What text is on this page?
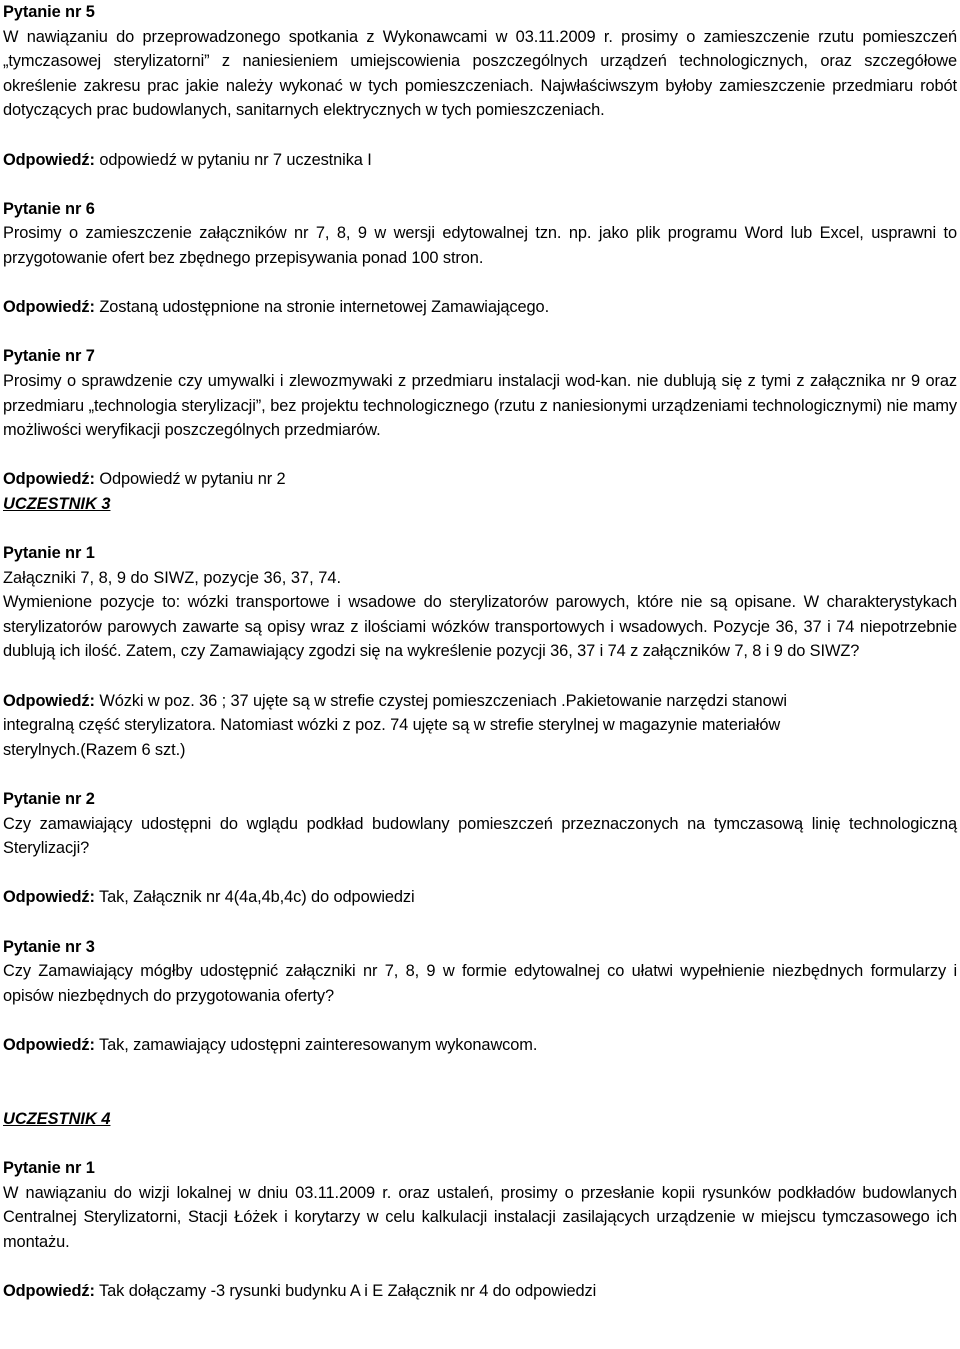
Pytanie nr 5
W nawiązaniu do przeprowadzonego spotkania z Wykonawcami w 03.11.2009 r. prosimy o zamieszczenie rzutu pomieszczeń „tymczasowej sterylizatorni” z naniesieniem umiejscowienia poszczególnych urządzeń technologicznych, oraz szczegółowe określenie zakresu prac jakie należy wykonać w tych pomieszczeniach. Najwłaściwszym byłoby zamieszczenie przedmiaru robót dotyczących prac budowlanych, sanitarnych elektrycznych w tych pomieszczeniach.
Odpowiedź: odpowiedź w pytaniu nr 7 uczestnika I
Pytanie nr 6
Prosimy o zamieszczenie załączników nr 7, 8, 9 w wersji edytowalnej tzn. np. jako plik programu Word lub Excel, usprawni to przygotowanie ofert bez zbędnego przepisywania ponad 100 stron.
Odpowiedź: Zostaną udostępnione na stronie internetowej Zamawiającego.
Pytanie nr 7
Prosimy o sprawdzenie czy umywalki i zlewozmywaki z przedmiaru instalacji wod-kan. nie dublują się z tymi z załącznika nr 9 oraz przedmiaru „technologia sterylizacji”, bez projektu technologicznego (rzutu z naniesionymi urządzeniami technologicznymi) nie mamy możliwości weryfikacji poszczególnych przedmiarów.
Odpowiedź: Odpowiedź w pytaniu nr 2
UCZESTNIK 3
Pytanie nr 1
Załączniki 7, 8, 9 do SIWZ, pozycje 36, 37, 74.
Wymienione pozycje to: wózki transportowe i wsadowe do sterylizatorów parowych, które nie są opisane. W charakterystykach sterylizatorów parowych zawarte są opisy wraz z ilościami wózków transportowych i wsadowych. Pozycje 36, 37 i 74 niepotrzebnie dublują ich ilość. Zatem, czy Zamawiający zgodzi się na wykreślenie pozycji 36, 37 i 74 z załączników 7, 8 i 9 do SIWZ?
Odpowiedź: Wózki w poz. 36 ; 37 ujęte są w strefie czystej pomieszczeniach .Pakietowanie narzędzi stanowi
integralną część sterylizatora. Natomiast wózki z poz. 74 ujęte są w strefie sterylnej w magazynie materiałów
sterylnych.(Razem 6 szt.)
Pytanie nr 2
Czy zamawiający udostępni do wglądu podkład budowlany pomieszczeń przeznaczonych na tymczasową linię technologiczną Sterylizacji?
Odpowiedź: Tak, Załącznik nr 4(4a,4b,4c) do odpowiedzi
Pytanie nr 3
Czy Zamawiający mógłby udostępnić załączniki nr 7, 8, 9 w formie edytowalnej co ułatwi wypełnienie niezbędnych formularzy i opisów niezbędnych do przygotowania oferty?
Odpowiedź: Tak, zamawiający udostępni zainteresowanym wykonawcom.
UCZESTNIK 4
Pytanie nr 1
W nawiązaniu do wizji lokalnej w dniu 03.11.2009 r. oraz ustaleń, prosimy o przesłanie kopii rysunków podkładów budowlanych Centralnej Sterylizatorni, Stacji Łóżek i korytarzy w celu kalkulacji instalacji zasilających urządzenie w miejscu tymczasowego ich montażu.
Odpowiedź: Tak dołączamy -3 rysunki budynku A i E Załącznik nr 4 do odpowiedzi
